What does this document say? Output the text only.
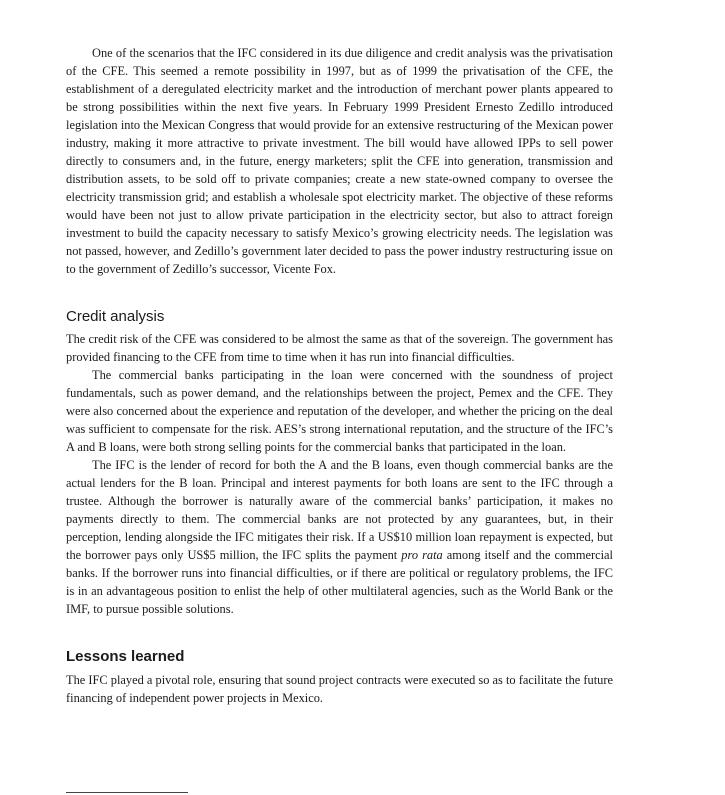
One of the scenarios that the IFC considered in its due diligence and credit analysis was the privatisation of the CFE. This seemed a remote possibility in 1997, but as of 1999 the privatisation of the CFE, the establishment of a deregulated electricity market and the introduction of merchant power plants appeared to be strong possibilities within the next five years. In February 1999 President Ernesto Zedillo introduced legislation into the Mexican Congress that would provide for an extensive restructuring of the Mexican power industry, making it more attractive to private investment. The bill would have allowed IPPs to sell power directly to consumers and, in the future, energy marketers; split the CFE into generation, transmission and distribution assets, to be sold off to private companies; create a new state-owned company to oversee the electricity transmission grid; and establish a wholesale spot electricity market. The objective of these reforms would have been not just to allow private participation in the electricity sector, but also to attract foreign investment to build the capacity necessary to satisfy Mexico’s growing electricity needs. The legislation was not passed, however, and Zedillo’s government later decided to pass the power industry restructuring issue on to the government of Zedillo’s successor, Vicente Fox.

Credit analysis

The credit risk of the CFE was considered to be almost the same as that of the sovereign. The government has provided financing to the CFE from time to time when it has run into financial difficulties.

The commercial banks participating in the loan were concerned with the soundness of project fundamentals, such as power demand, and the relationships between the project, Pemex and the CFE. They were also concerned about the experience and reputation of the developer, and whether the pricing on the deal was sufficient to compensate for the risk. AES’s strong international reputation, and the structure of the IFC’s A and B loans, were both strong selling points for the commercial banks that participated in the loan.

The IFC is the lender of record for both the A and the B loans, even though commercial banks are the actual lenders for the B loan. Principal and interest payments for both loans are sent to the IFC through a trustee. Although the borrower is naturally aware of the commercial banks’ participation, it makes no payments directly to them. The commercial banks are not protected by any guarantees, but, in their perception, lending alongside the IFC mitigates their risk. If a US$10 million loan repayment is expected, but the borrower pays only US$5 million, the IFC splits the payment pro rata among itself and the commercial banks. If the borrower runs into financial difficulties, or if there are political or regulatory problems, the IFC is in an advantageous position to enlist the help of other multilateral agencies, such as the World Bank or the IMF, to pursue possible solutions.

Lessons learned

The IFC played a pivotal role, ensuring that sound project contracts were executed so as to facilitate the future financing of independent power projects in Mexico.
